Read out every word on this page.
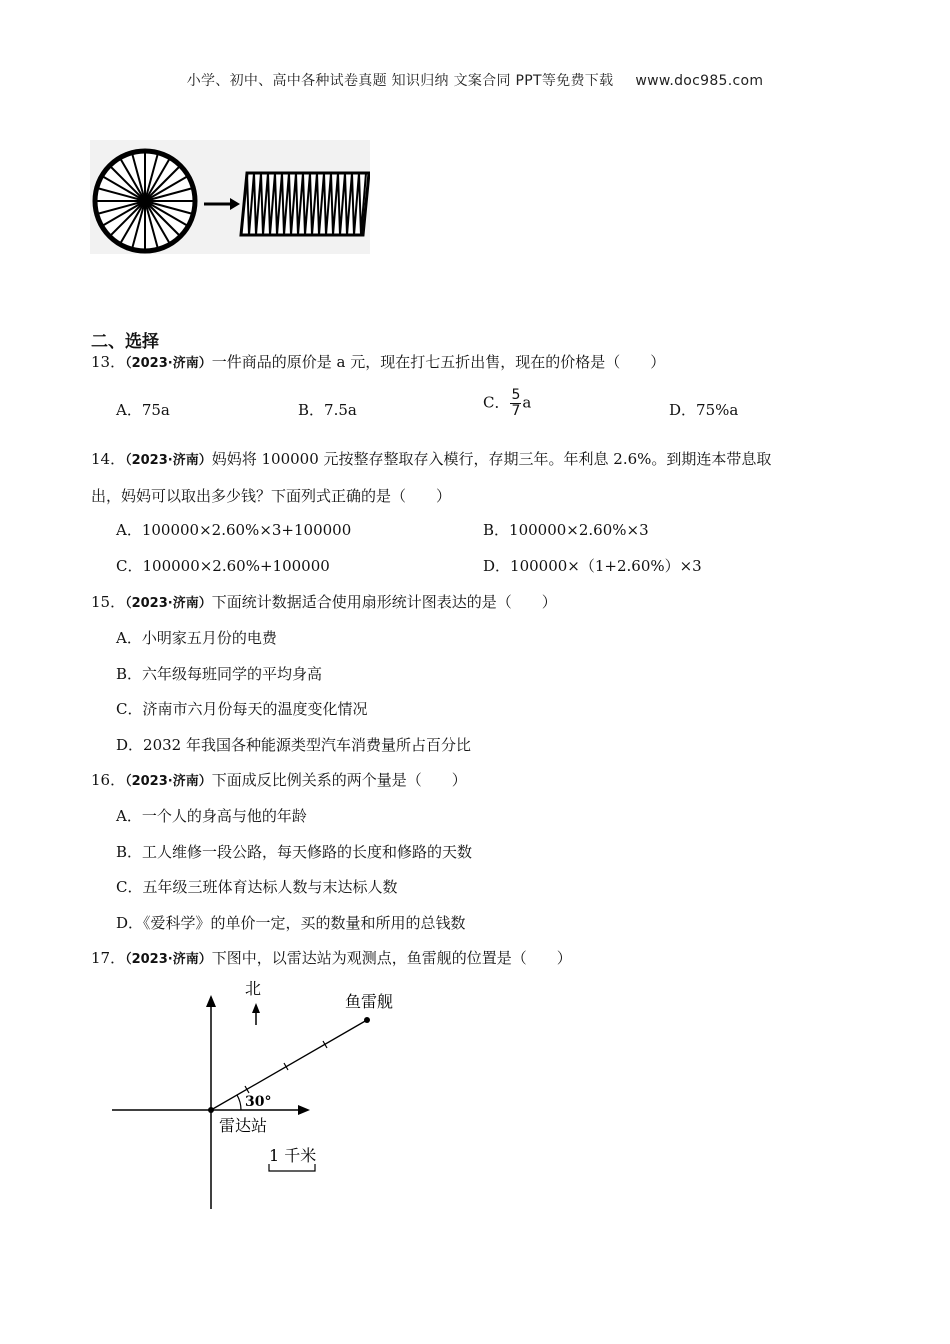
小学、初中、高中各种试卷真题 知识归纳 文案合同 PPT等免费下载 www.doc985.com
二、选择
13．（2023·济南）一件商品的原价是 a 元，现在打七五折出售，现在的价格是（　　）
A．75a	B．7.5a	C． $\frac{5}{7}$ a	D．75%a
14．（2023·济南）妈妈将 100000 元按整存整取存入模行，存期三年。年利息 2.6%。到期连本带息取
出，妈妈可以取出多少钱？下面列式正确的是（　　）
A．100000×2.60%×3+100000	B．100000×2.60%×3
C．100000×2.60%+100000	D．100000×（1+2.60%）×3
15．（2023·济南）下面统计数据适合使用扇形统计图表达的是（　　）
A．小明家五月份的电费
B．六年级每班同学的平均身高
C．济南市六月份每天的温度变化情况
D．2032 年我国各种能源类型汽车消费量所占百分比
16．（2023·济南）下面成反比例关系的两个量是（　　）
A．一个人的身高与他的年龄
B．工人维修一段公路，每天修路的长度和修路的天数
C．五年级三班体育达标人数与末达标人数
D．《爱科学》的单价一定，买的数量和所用的总钱数
17．（2023·济南）下图中，以雷达站为观测点，鱼雷舰的位置是（　　）
北
鱼雷舰
30°
雷达站
1 千米
